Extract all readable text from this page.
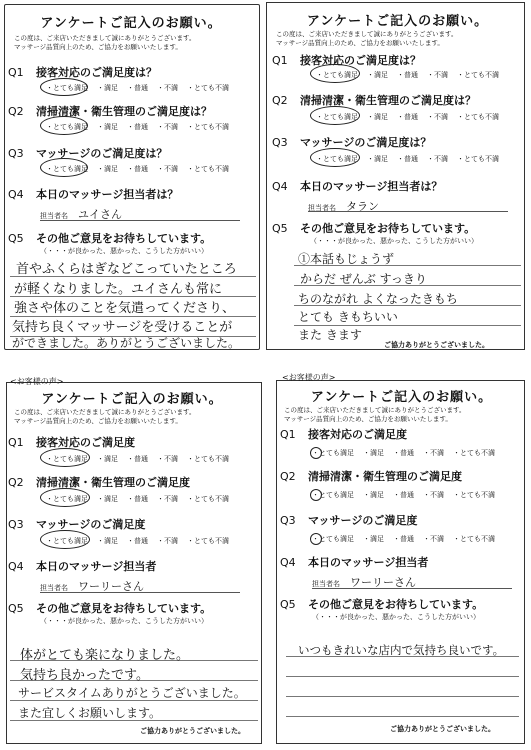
アンケートご記入のお願い。
この度は、ご来店いただきまして誠にありがとうございます。
マッサージ品質向上のため、ご協力をお願いいたします。
Q1 接客対応のご満足度は？
・とても満足 ・満足 ・普通 ・不満 ・とても不満
Q2 清掃清潔・衛生管理のご満足度は？
・とても満足 ・満足 ・普通 ・不満 ・とても不満
Q3 マッサージのご満足度は？
・とても満足 ・満足 ・普通 ・不満 ・とても不満
Q4 本日のマッサージ担当者は？
担当者名 ユイさん
Q5 その他ご意見をお待ちしています。
（・・・が良かった、悪かった、こうした方がいい）
首やふくらはぎなどこっていたところ
が軽くなりました。ユイさんも常に
強さや体のことを気遣ってくださり、
気持ち良くマッサージを受けることが
ができました。ありがとうございました。
アンケートご記入のお願い。
この度は、ご来店いただきまして誠にありがとうございます。
マッサージ品質向上のため、ご協力をお願いいたします。
Q1 接客対応のご満足度は？
・とても満足 ・満足 ・普通 ・不満 ・とても不満
Q2 清掃清潔・衛生管理のご満足度は？
・とても満足 ・満足 ・普通 ・不満 ・とても不満
Q3 マッサージのご満足度は？
・とても満足 ・満足 ・普通 ・不満 ・とても不満
Q4 本日のマッサージ担当者は？
担当者名 タラン
Q5 その他ご意見をお待ちしています。
（・・・が良かった、悪かった、こうした方がいい）
①本話もじょうず
からだ ぜんぶ すっきり
ちのながれ よくなったきもち
とても きもちいい
また きます
ご協力ありがとうございました。
<お客様の声>
アンケートご記入のお願い。
この度は、ご来店いただきまして誠にありがとうございます。
マッサージ品質向上のため、ご協力をお願いいたします。
Q1 接客対応のご満足度
・とても満足 ・満足 ・普通 ・不満 ・とても不満
Q2 清掃清潔・衛生管理のご満足度
・とても満足 ・満足 ・普通 ・不満 ・とても不満
Q3 マッサージのご満足度
・とても満足 ・満足 ・普通 ・不満 ・とても不満
Q4 本日のマッサージ担当者
担当者名 ワーリーさん
Q5 その他ご意見をお待ちしています。
（・・・が良かった、悪かった、こうした方がいい）
体がとても楽になりました。
気持ち良かったです。
サービスタイムありがとうございました。
また宜しくお願いします。
ご協力ありがとうございました。
<お客様の声>
アンケートご記入のお願い。
この度は、ご来店いただきまして誠にありがとうございます。
マッサージ品質向上のため、ご協力をお願いいたします。
Q1 接客対応のご満足度
・とても満足 ・満足 ・普通 ・不満 ・とても不満
Q2 清掃清潔・衛生管理のご満足度
・とても満足 ・満足 ・普通 ・不満 ・とても不満
Q3 マッサージのご満足度
・とても満足 ・満足 ・普通 ・不満 ・とても不満
Q4 本日のマッサージ担当者
担当者名 ワーリーさん
Q5 その他ご意見をお待ちしています。
（・・・が良かった、悪かった、こうした方がいい）
いつもきれいな店内で気持ち良いです。
ご協力ありがとうございました。
